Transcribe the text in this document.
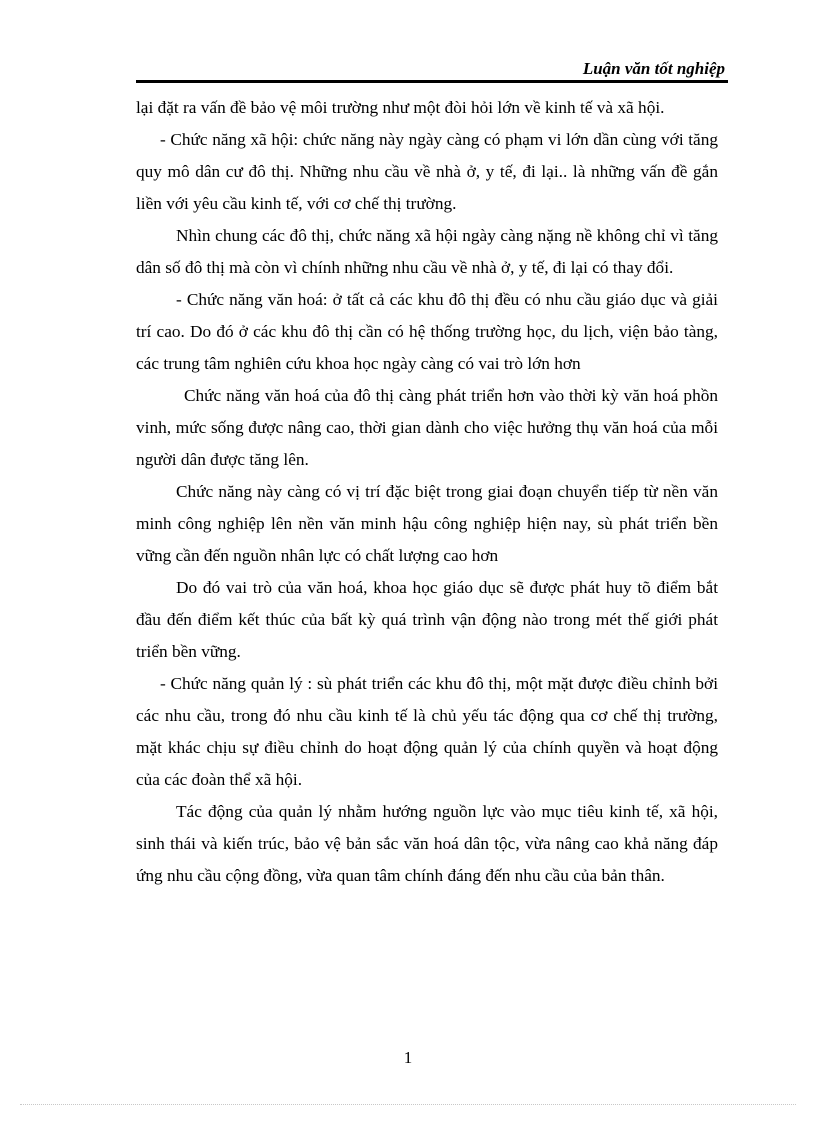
Luận văn tốt nghiệp

lại đặt ra vấn đề bảo vệ môi trường như một đòi hỏi lớn về kinh tế và xã hội.

- Chức năng xã hội: chức năng này ngày càng có phạm vi lớn dần cùng với tăng quy mô dân cư đô thị. Những nhu cầu về nhà ở, y tế, đi lại.. là những vấn đề gắn liền với yêu cầu kinh tế, với cơ chế thị trường.

Nhìn chung các đô thị, chức năng xã hội ngày càng nặng nề không chỉ vì tăng dân số đô thị mà còn vì chính những nhu cầu về nhà ở, y tế, đi lại có thay đổi.

- Chức năng văn hoá: ở tất cả các khu đô thị đều có nhu cầu giáo dục và giải trí cao. Do đó ở các khu đô thị cần có hệ thống trường học, du lịch, viện bảo tàng, các trung tâm nghiên cứu khoa học ngày càng có vai trò lớn hơn

Chức năng văn hoá của đô thị càng phát triển hơn vào thời kỳ văn hoá phồn vinh, mức sống được nâng cao, thời gian dành cho việc hưởng thụ văn hoá của mỗi người dân được tăng lên.

Chức năng này càng có vị trí đặc biệt trong giai đoạn chuyển tiếp từ nền văn minh công nghiệp lên nền văn minh hậu công nghiệp hiện nay, sù phát triển bền vững cần đến nguồn nhân lực có chất lượng cao hơn

Do đó vai trò của văn hoá, khoa học giáo dục sẽ được phát huy tõ điểm bắt đầu đến điểm kết thúc của bất kỳ quá trình vận động nào trong mét thế giới phát triển bền vững.

- Chức năng quản lý : sù phát triển các khu đô thị, một mặt được điều chỉnh bởi các nhu cầu, trong đó nhu cầu kinh tế là chủ yếu tác động qua cơ chế thị trường, mặt khác chịu sự điều chỉnh do hoạt động quản lý của chính quyền và hoạt động của các đoàn thể xã hội.

Tác động của quản lý nhằm hướng nguồn lực vào mục tiêu kinh tế, xã hội, sinh thái và kiến trúc, bảo vệ bản sắc văn hoá dân tộc, vừa nâng cao khả năng đáp ứng nhu cầu cộng đồng, vừa quan tâm chính đáng đến nhu cầu của bản thân.

1
